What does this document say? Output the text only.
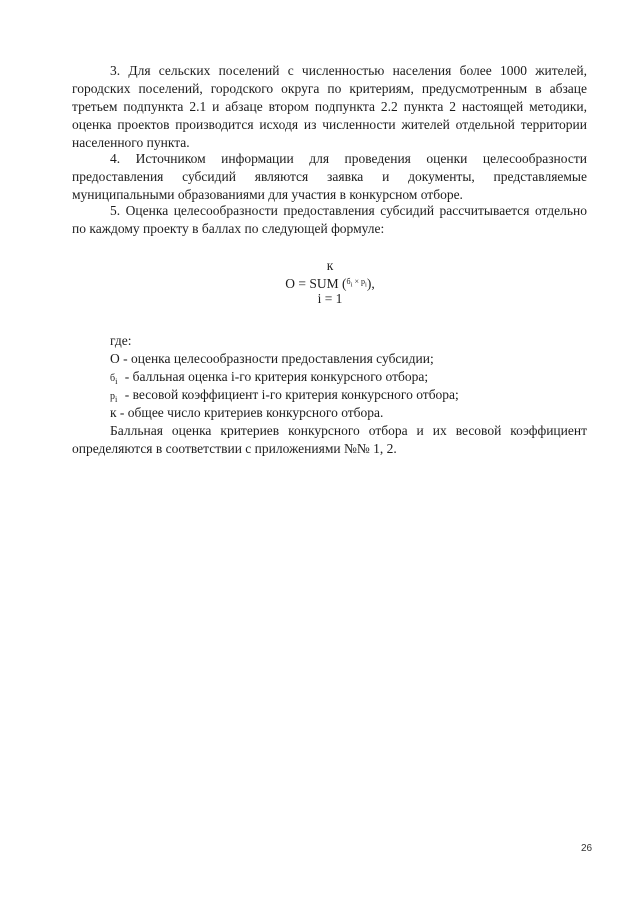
3. Для сельских поселений с численностью населения более 1000 жителей, городских поселений, городского округа по критериям, предусмотренным в абзаце третьем подпункта 2.1 и абзаце втором подпункта 2.2 пункта 2 настоящей методики, оценка проектов производится исходя из численности жителей отдельной территории населенного пункта.

4. Источником информации для проведения оценки целесообразности предоставления субсидий являются заявка и документы, представляемые муниципальными образованиями для участия в конкурсном отборе.

5. Оценка целесообразности предоставления субсидий рассчитывается отдельно по каждому проекту в баллах по следующей формуле:

к
О = SUM ($^{б_i}$ $^{\times p_i}$),
i = 1
где:
О - оценка целесообразности предоставления субсидии;
$б_i$ - балльная оценка i-го критерия конкурсного отбора;
$p_i$ - весовой коэффициент i-го критерия конкурсного отбора;
к - общее число критериев конкурсного отбора.

Балльная оценка критериев конкурсного отбора и их весовой коэффициент определяются в соответствии с приложениями №№ 1, 2.

26
